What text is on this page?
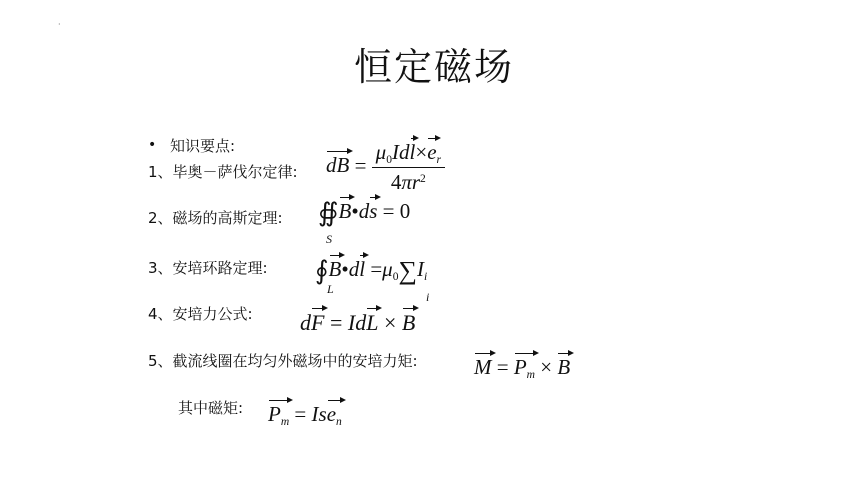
·
恒定磁场
• 知识要点:
1、毕奥－萨伐尔定律: dB = $\frac{\mu_0Idl\times e_r}{4\pi r^2}$
2、磁场的高斯定理: ∯B•ds = 0
S
3、安培环路定理: ∮B•dl $=\mu_0\sum I_i$
L
i
4、安培力公式: dF = IdL × B
5、截流线圈在均匀外磁场中的安培力矩:	$M = P_m \times B$
其中磁矩: $P_m = Ise_n$
